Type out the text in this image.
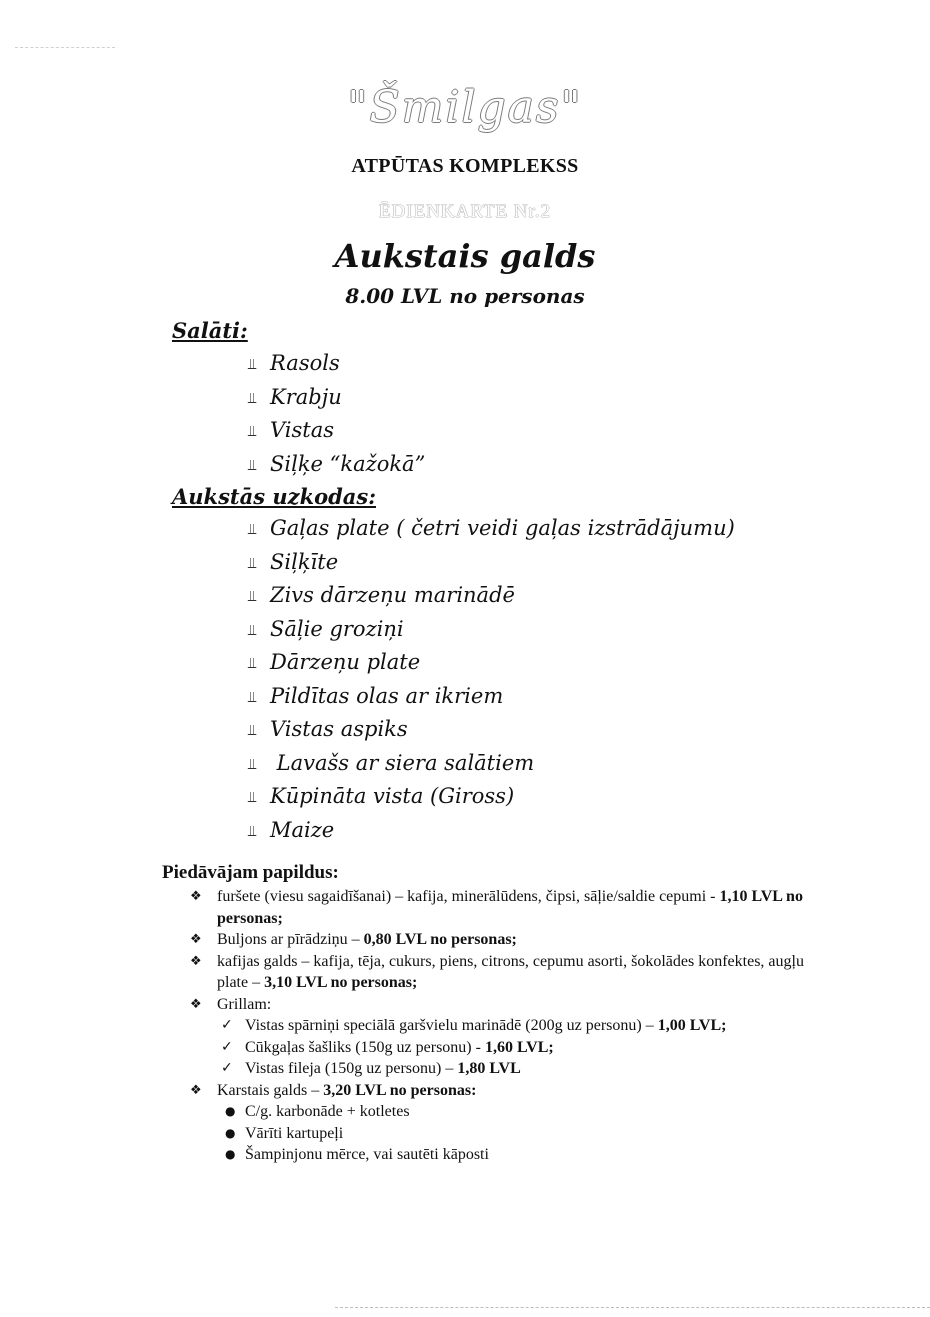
"Šmilgas"
ATPŪTAS KOMPLEKSS
ĒDIENKARTE Nr.2
Aukstais galds
8.00 LVL no personas
Salāti:
⫫ Rasols
⫫ Krabju
⫫ Vistas
⫫ Siļķe “kažokā”
Aukstās uzkodas:
⫫ Gaļas plate ( četri veidi gaļas izstrādājumu)
⫫ Siļķīte
⫫ Zivs dārzeņu marinādē
⫫ Sāļie groziņi
⫫ Dārzeņu plate
⫫ Pildītas olas ar ikriem
⫫ Vistas aspiks
⫫ Lavašs ar siera salātiem
⫫ Kūpināta vista (Giross)
⫫ Maize
Piedāvājam papildus:
❖ furšete (viesu sagaidīšanai) – kafija, minerālūdens, čipsi, sāļie/saldie cepumi - 1,10 LVL no personas;
❖ Buljons ar pīrādziņu – 0,80 LVL no personas;
❖ kafijas galds – kafija, tēja, cukurs, piens, citrons, cepumu asorti, šokolādes konfektes, augļu plate – 3,10 LVL no personas;
❖ Grillam:
✓ Vistas spārniņi speciālā garšvielu marinādē (200g uz personu) – 1,00 LVL;
✓ Cūkgaļas šašliks (150g uz personu) - 1,60 LVL;
✓ Vistas fileja (150g uz personu) – 1,80 LVL
❖ Karstais galds – 3,20 LVL no personas:
● C/g. karbonāde + kotletes
● Vārīti kartupeļi
● Šampinjonu mērce, vai sautēti kāposti
